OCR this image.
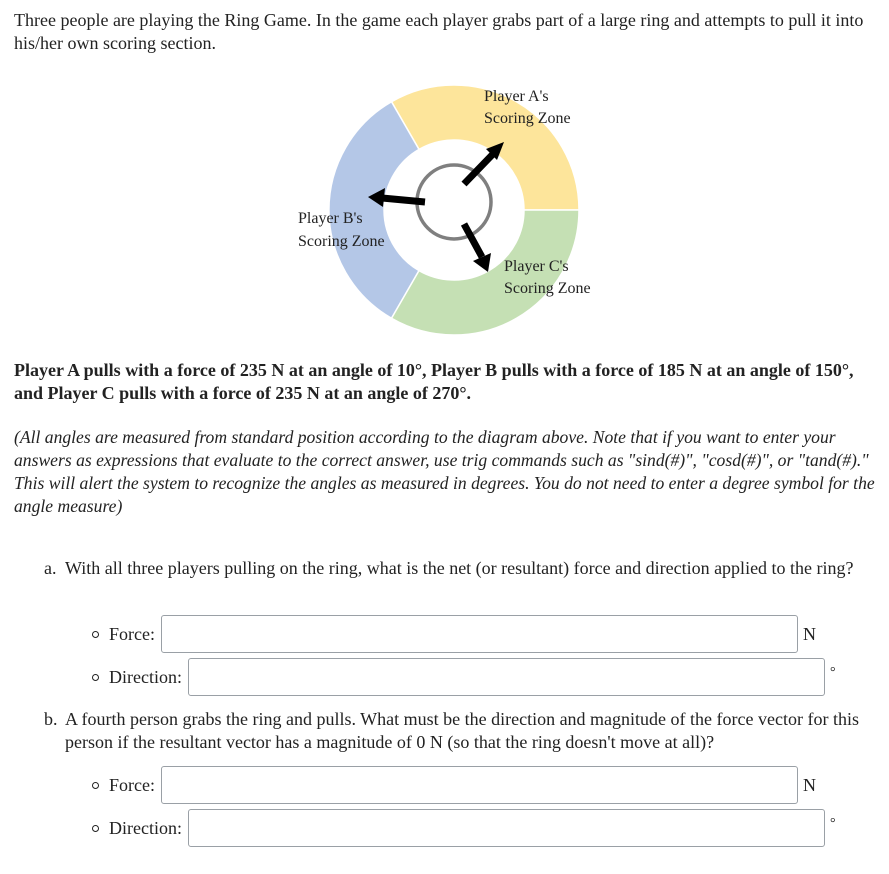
Three people are playing the Ring Game. In the game each player grabs part of a large ring and attempts to pull it into his/her own scoring section.
Player A's
Scoring Zone
Player B's
Scoring Zone
Player C's
Scoring Zone
Player A pulls with a force of 235 N at an angle of 10°, Player B pulls with a force of 185 N at an angle of 150°, and Player C pulls with a force of 235 N at an angle of 270°.
(All angles are measured from standard position according to the diagram above. Note that if you want to enter your answers as expressions that evaluate to the correct answer, use trig commands such as "sind(#)", "cosd(#)", or "tand(#)." This will alert the system to recognize the angles as measured in degrees. You do not need to enter a degree symbol for the angle measure)
a. With all three players pulling on the ring, what is the net (or resultant) force and direction applied to the ring?
Force:	N
Direction:	°
b. A fourth person grabs the ring and pulls. What must be the direction and magnitude of the force vector for this person if the resultant vector has a magnitude of 0 N (so that the ring doesn't move at all)?
Force:	N
Direction:	°
